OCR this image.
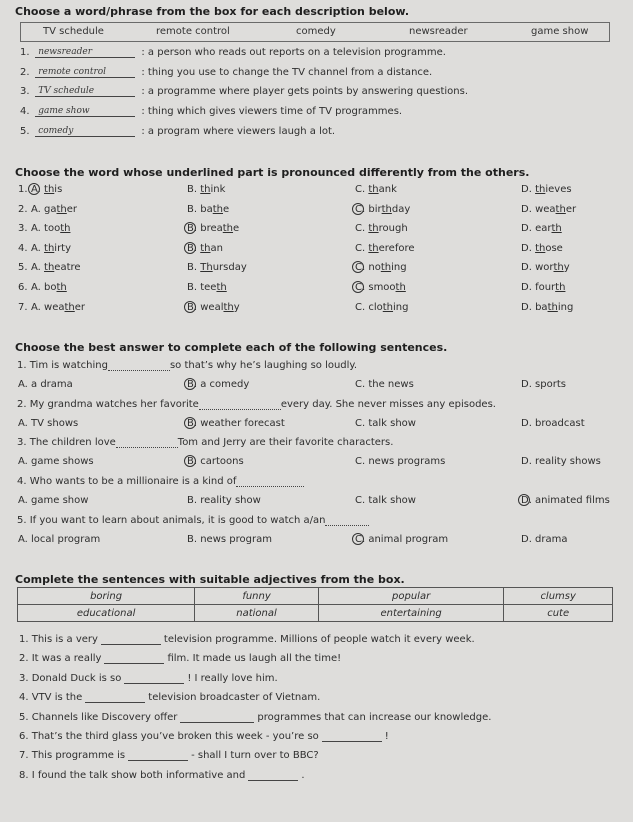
Choose a word/phrase from the box for each description below.
TV schedule	remote control	comedy	newsreader	game show
1. newsreader	: a person who reads out reports on a television programme.
2. remote control	: thing you use to change the TV channel from a distance.
3. TV schedule	: a programme where player gets points by answering questions.
4. game show	: thing which gives viewers time of TV programmes.
5. comedy	: a program where viewers laugh a lot.
Choose the word whose underlined part is pronounced differently from the others.
1. A. this	B. think	C. thank	D. thieves
2. A. gather	B. bathe	C. birthday	D. weather
3. A. tooth	B. breathe	C. through	D. earth
4. A. thirty	B. than	C. therefore	D. those
5. A. theatre	B. Thursday	C. nothing	D. worthy
6. A. both	B. teeth	C. smooth	D. fourth
7. A. weather	B. wealthy	C. clothing	D. bathing
Choose the best answer to complete each of the following sentences.
1. Tim is watching	so that’s why he’s laughing so loudly.
A. a drama	B. a comedy	C. the news	D. sports
2. My grandma watches her favorite	every day. She never misses any episodes.
A. TV shows	B. weather forecast	C. talk show	D. broadcast
3. The children love	Tom and Jerry are their favorite characters.
A. game shows	B. cartoons	C. news programs	D. reality shows
4. Who wants to be a millionaire is a kind of
A. game show	B. reality show	C. talk show	D. animated films
5. If you want to learn about animals, it is good to watch a/an
A. local program	B. news program	C. animal program	D. drama
Complete the sentences with suitable adjectives from the box.
boring	funny	popular	clumsy
educational	national	entertaining	cute
1. This is a very	television programme. Millions of people watch it every week.
2. It was a really	film. It made us laugh all the time!
3. Donald Duck is so	! I really love him.
4. VTV is the	television broadcaster of Vietnam.
5. Channels like Discovery offer	programmes that can increase our knowledge.
6. That’s the third glass you’ve broken this week - you’re so	!
7. This programme is	- shall I turn over to BBC?
8. I found the talk show both informative and	.
